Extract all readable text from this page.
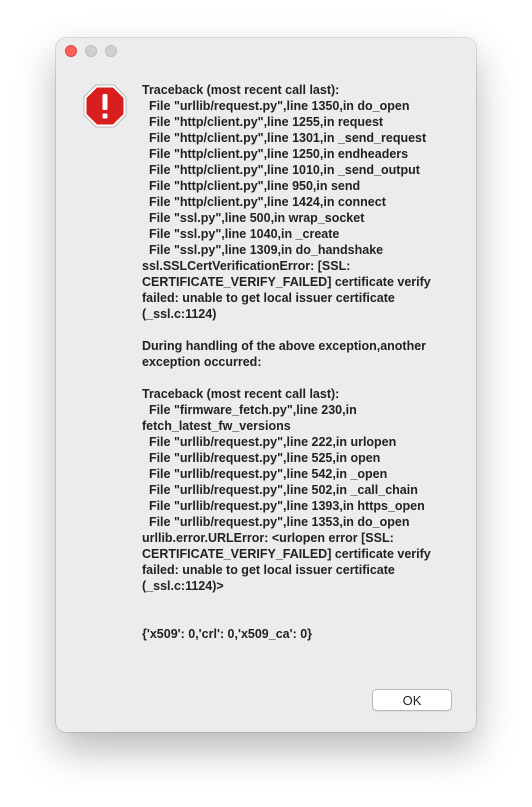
Traceback (most recent call last):
File "urllib/request.py",line 1350,in do_open
File "http/client.py",line 1255,in request
File "http/client.py",line 1301,in _send_request
File "http/client.py",line 1250,in endheaders
File "http/client.py",line 1010,in _send_output
File "http/client.py",line 950,in send
File "http/client.py",line 1424,in connect
File "ssl.py",line 500,in wrap_socket
File "ssl.py",line 1040,in _create
File "ssl.py",line 1309,in do_handshake
ssl.SSLCertVerificationError: [SSL: CERTIFICATE_VERIFY_FAILED] certificate verify failed: unable to get local issuer certificate (_ssl.c:1124)

During handling of the above exception,another exception occurred:

Traceback (most recent call last):
File "firmware_fetch.py",line 230,in fetch_latest_fw_versions
File "urllib/request.py",line 222,in urlopen
File "urllib/request.py",line 525,in open
File "urllib/request.py",line 542,in _open
File "urllib/request.py",line 502,in _call_chain
File "urllib/request.py",line 1393,in https_open
File "urllib/request.py",line 1353,in do_open
urllib.error.URLError: <urlopen error [SSL: CERTIFICATE_VERIFY_FAILED] certificate verify failed: unable to get local issuer certificate (_ssl.c:1124)>

{'x509': 0,'crl': 0,'x509_ca': 0}
OK
